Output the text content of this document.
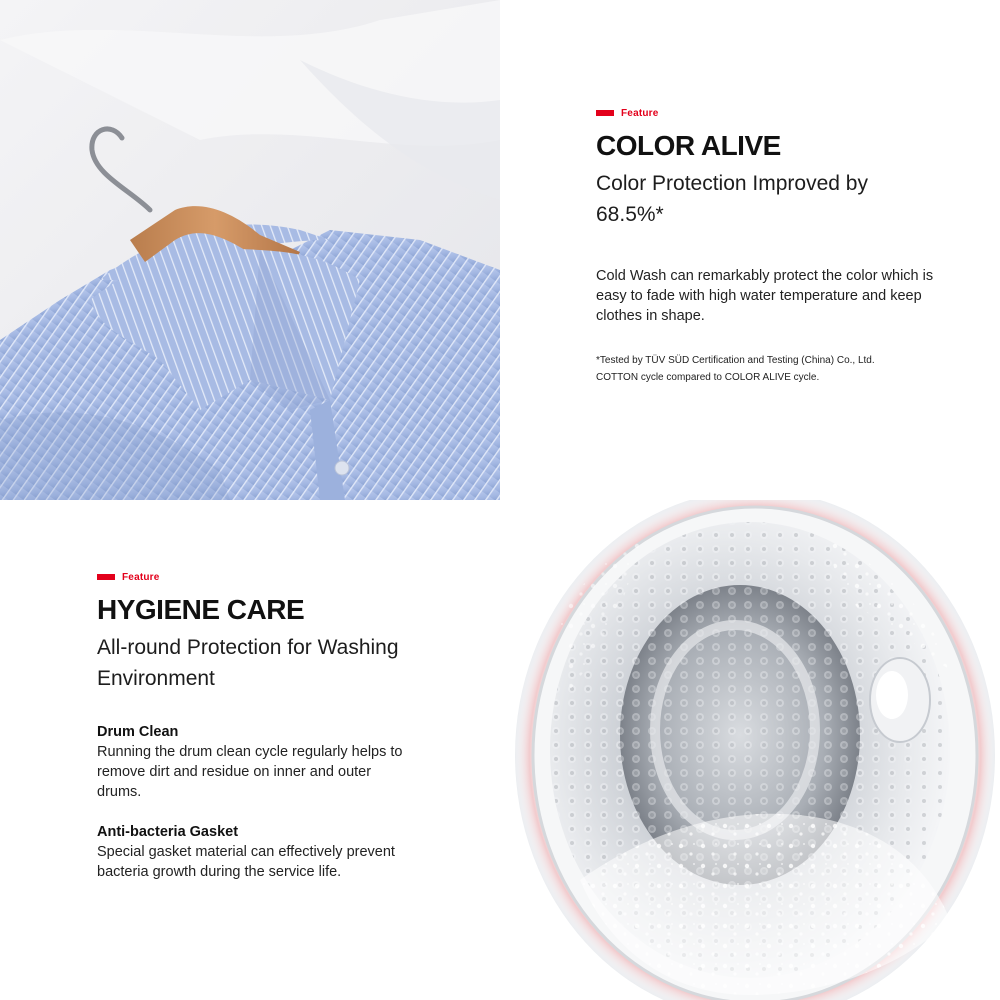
Feature
COLOR ALIVE
Color Protection Improved by 68.5%*
Cold Wash can remarkably protect the color which is easy to fade with high water temperature and keep clothes in shape.
*Tested by TÜV SÜD Certification and Testing (China) Co., Ltd.
COTTON cycle compared to COLOR ALIVE cycle.
Feature
HYGIENE CARE
All-round Protection for Washing Environment
Drum Clean
Running the drum clean cycle regularly helps to remove dirt and residue on inner and outer drums.
Anti-bacteria Gasket
Special gasket material can effectively prevent bacteria growth during the service life.
